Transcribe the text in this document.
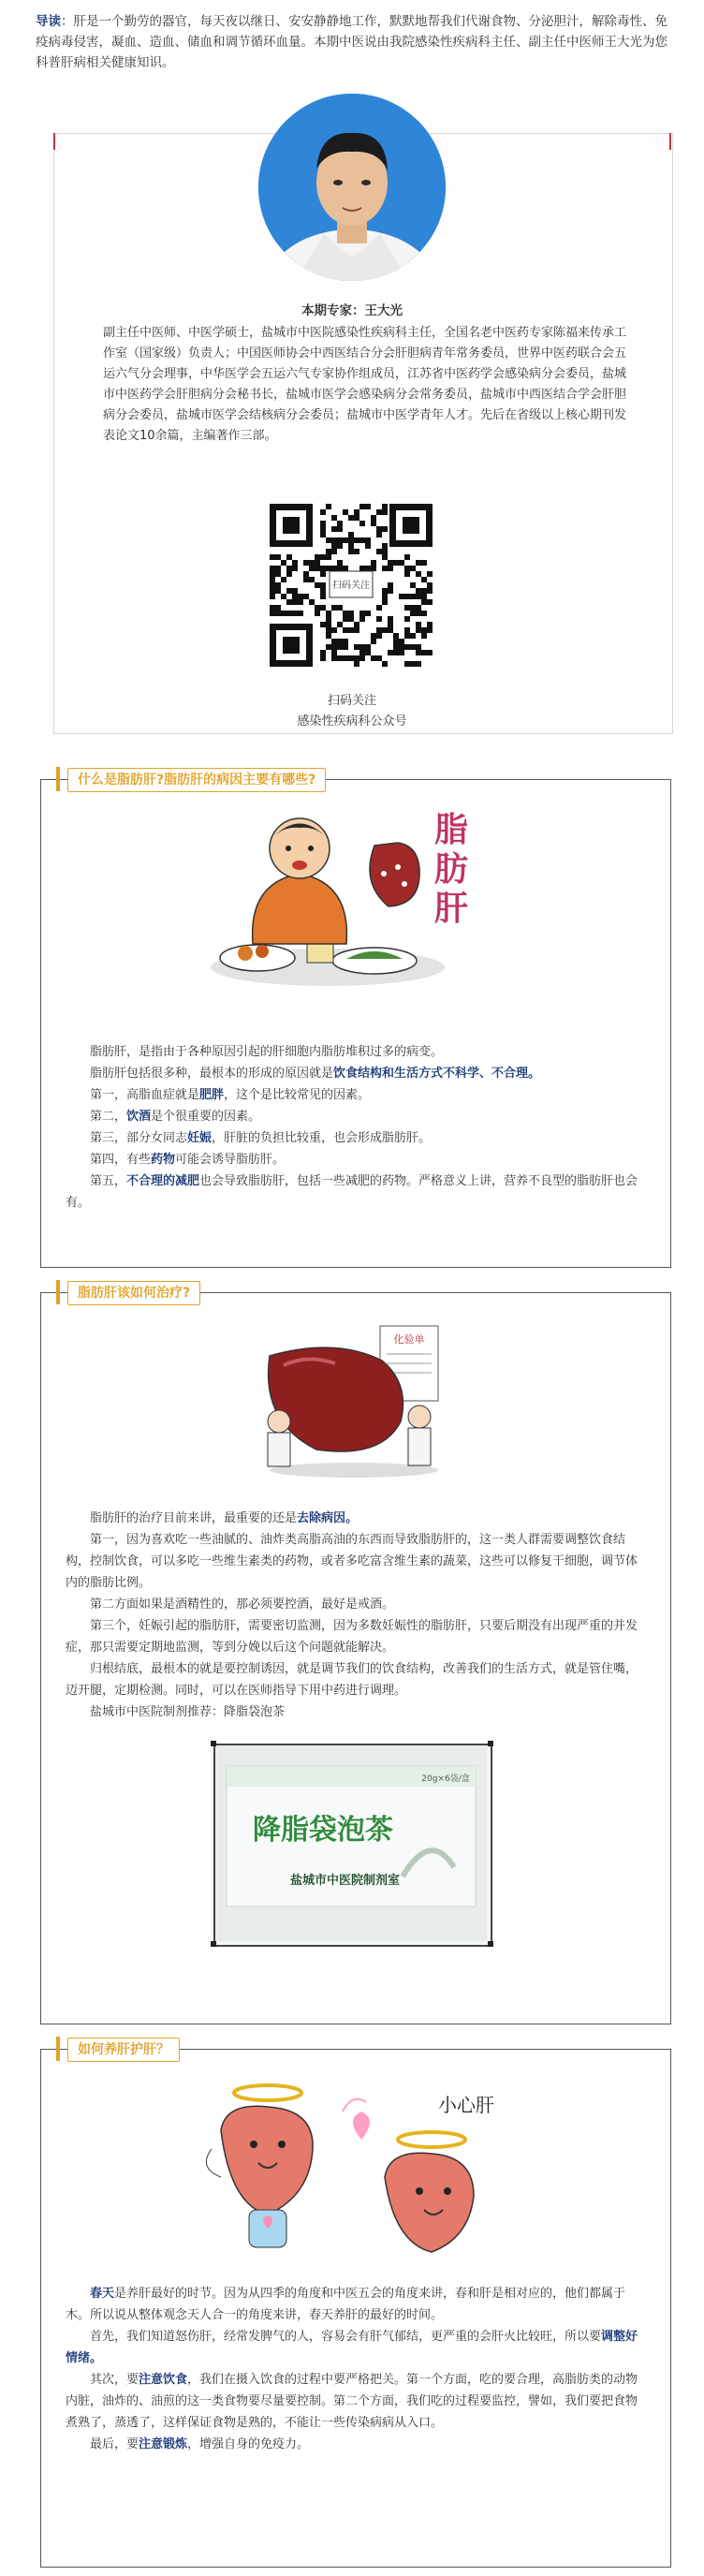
导读：肝是一个勤劳的器官，每天夜以继日、安安静静地工作，默默地帮我们代谢食物、分泌胆汁，解除毒性、免疫病毒侵害，凝血、造血、储血和调节循环血量。本期中医说由我院感染性疾病科主任、副主任中医师王大光为您科普肝病相关健康知识。
本期专家：王大光
副主任中医师、中医学硕士，盐城市中医院感染性疾病科主任，全国名老中医药专家陈福来传承工作室（国家级）负责人；中国医师协会中西医结合分会肝胆病青年常务委员，世界中医药联合会五运六气分会理事，中华医学会五运六气专家协作组成员，江苏省中医药学会感染病分会委员，盐城市中医药学会肝胆病分会秘书长，盐城市医学会感染病分会常务委员，盐城市中西医结合学会肝胆病分会委员，盐城市医学会结核病分会委员；盐城市中医学青年人才。先后在省级以上核心期刊发表论文10余篇，主编著作三部。
扫码关注
扫码关注
感染性疾病科公众号
什么是脂肪肝?脂肪肝的病因主要有哪些?
脂
肪
肝
脂肪肝，是指由于各种原因引起的肝细胞内脂肪堆积过多的病变。
脂肪肝包括很多种，最根本的形成的原因就是饮食结构和生活方式不科学、不合理。
第一，高脂血症就是肥胖，这个是比较常见的因素。
第二，饮酒是个很重要的因素。
第三，部分女同志妊娠，肝脏的负担比较重，也会形成脂肪肝。
第四，有些药物可能会诱导脂肪肝。
第五，不合理的减肥也会导致脂肪肝，包括一些减肥的药物。严格意义上讲，营养不良型的脂肪肝也会有。
脂肪肝该如何治疗?
化验单
脂肪肝的治疗目前来讲，最重要的还是去除病因。
第一，因为喜欢吃一些油腻的、油炸类高脂高油的东西而导致脂肪肝的，这一类人群需要调整饮食结构，控制饮食，可以多吃一些维生素类的药物，或者多吃富含维生素的蔬菜，这些可以修复干细胞，调节体内的脂肪比例。
第二方面如果是酒精性的，那必须要控酒，最好是戒酒。
第三个，妊娠引起的脂肪肝，需要密切监测，因为多数妊娠性的脂肪肝，只要后期没有出现严重的并发症，那只需要定期地监测，等到分娩以后这个问题就能解决。
归根结底，最根本的就是要控制诱因，就是调节我们的饮食结构，改善我们的生活方式，就是管住嘴，迈开腿，定期检测。同时，可以在医师指导下用中药进行调理。
盐城市中医院制剂推荐：降脂袋泡茶
20g×6袋/盒
降脂袋泡茶
盐城市中医院制剂室
如何养肝护肝？
小心肝
春天是养肝最好的时节。因为从四季的角度和中医五会的角度来讲，春和肝是相对应的，他们都属于木。所以说从整体观念天人合一的角度来讲，春天养肝的最好的时间。
首先，我们知道怒伤肝，经常发脾气的人，容易会有肝气郁结，更严重的会肝火比较旺，所以要调整好情绪。
其次，要注意饮食，我们在摄入饮食的过程中要严格把关。第一个方面，吃的要合理，高脂肪类的动物内脏，油炸的、油煎的这一类食物要尽量要控制。第二个方面，我们吃的过程要监控，譬如，我们要把食物煮熟了，蒸透了，这样保证食物是熟的，不能让一些传染病病从入口。
最后，要注意锻炼，增强自身的免疫力。
